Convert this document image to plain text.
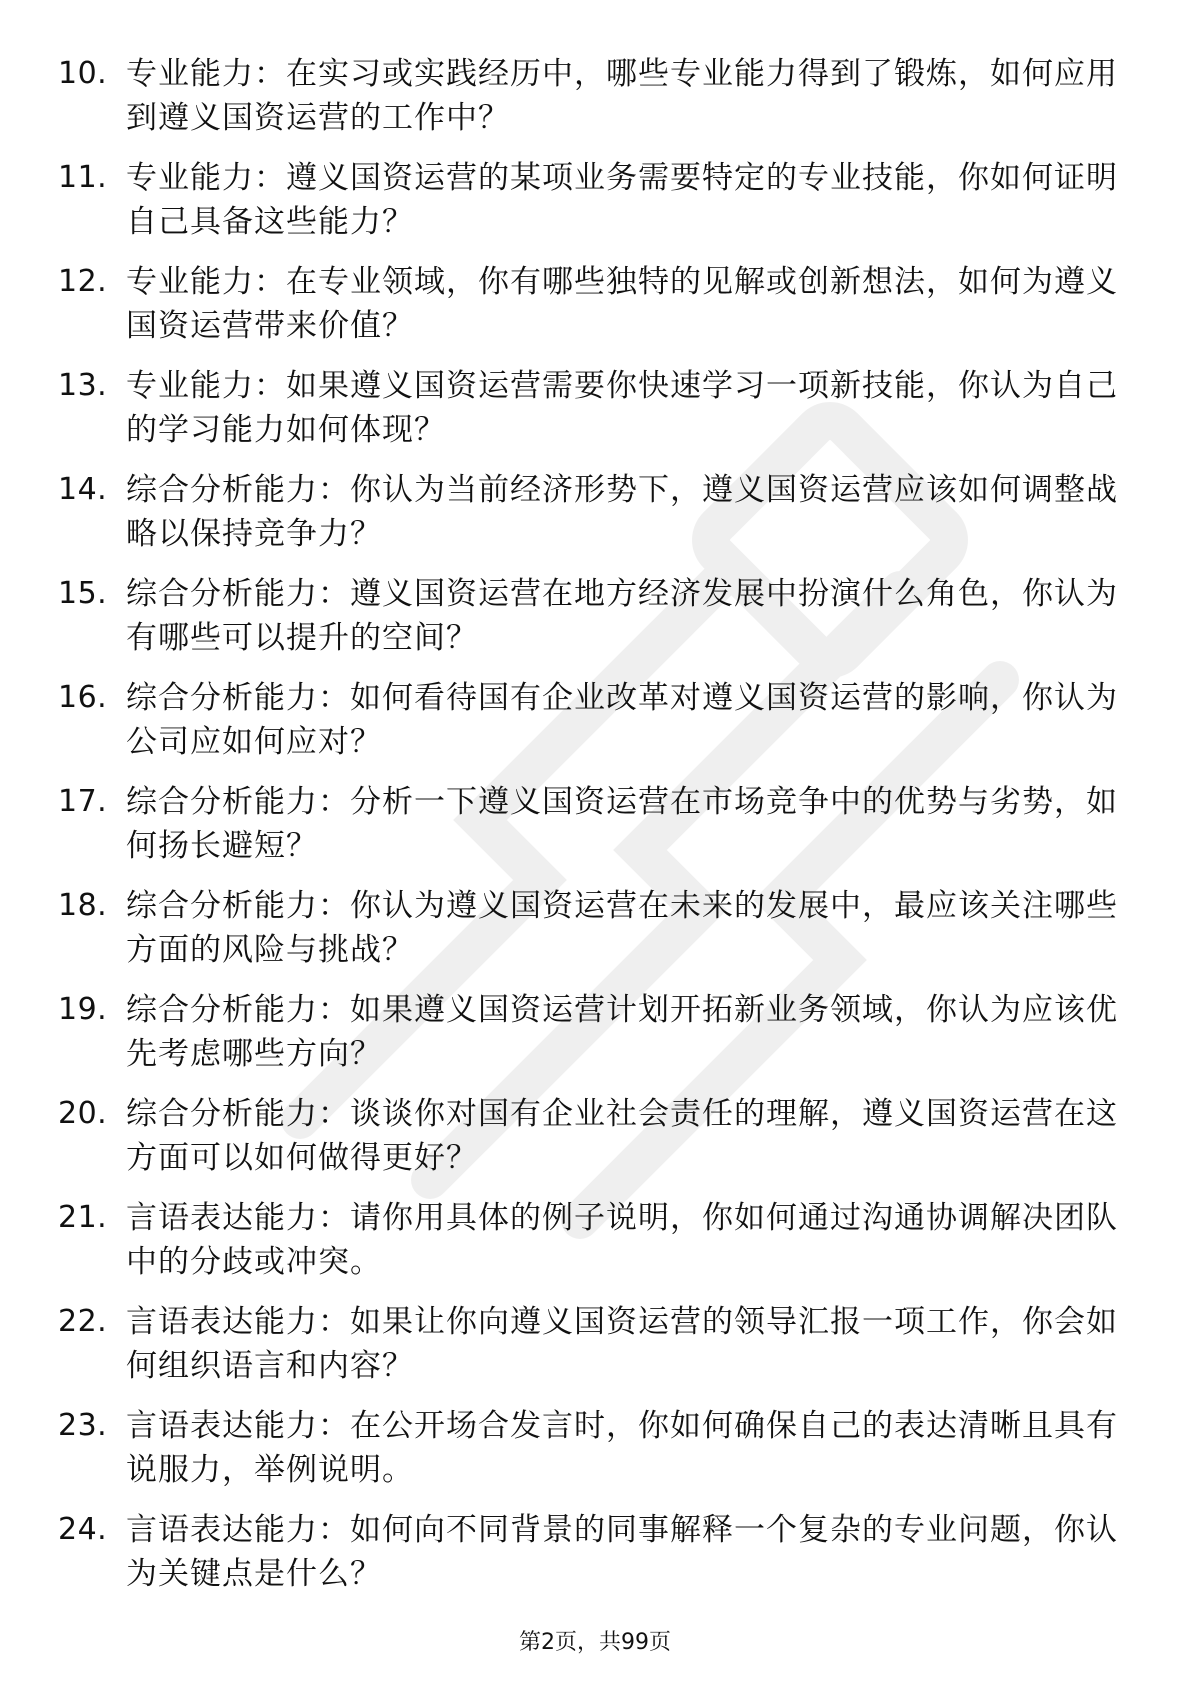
10. 专业能力：在实习或实践经历中，哪些专业能力得到了锻炼，如何应用到遵义国资运营的工作中？
11. 专业能力：遵义国资运营的某项业务需要特定的专业技能，你如何证明自己具备这些能力？
12. 专业能力：在专业领域，你有哪些独特的见解或创新想法，如何为遵义国资运营带来价值？
13. 专业能力：如果遵义国资运营需要你快速学习一项新技能，你认为自己的学习能力如何体现？
14. 综合分析能力：你认为当前经济形势下，遵义国资运营应该如何调整战略以保持竞争力？
15. 综合分析能力：遵义国资运营在地方经济发展中扮演什么角色，你认为有哪些可以提升的空间？
16. 综合分析能力：如何看待国有企业改革对遵义国资运营的影响，你认为公司应如何应对？
17. 综合分析能力：分析一下遵义国资运营在市场竞争中的优势与劣势，如何扬长避短？
18. 综合分析能力：你认为遵义国资运营在未来的发展中，最应该关注哪些方面的风险与挑战？
19. 综合分析能力：如果遵义国资运营计划开拓新业务领域，你认为应该优先考虑哪些方向？
20. 综合分析能力：谈谈你对国有企业社会责任的理解，遵义国资运营在这方面可以如何做得更好？
21. 言语表达能力：请你用具体的例子说明，你如何通过沟通协调解决团队中的分歧或冲突。
22. 言语表达能力：如果让你向遵义国资运营的领导汇报一项工作，你会如何组织语言和内容？
23. 言语表达能力：在公开场合发言时，你如何确保自己的表达清晰且具有说服力，举例说明。
24. 言语表达能力：如何向不同背景的同事解释一个复杂的专业问题，你认为关键点是什么？
第2页，共99页
